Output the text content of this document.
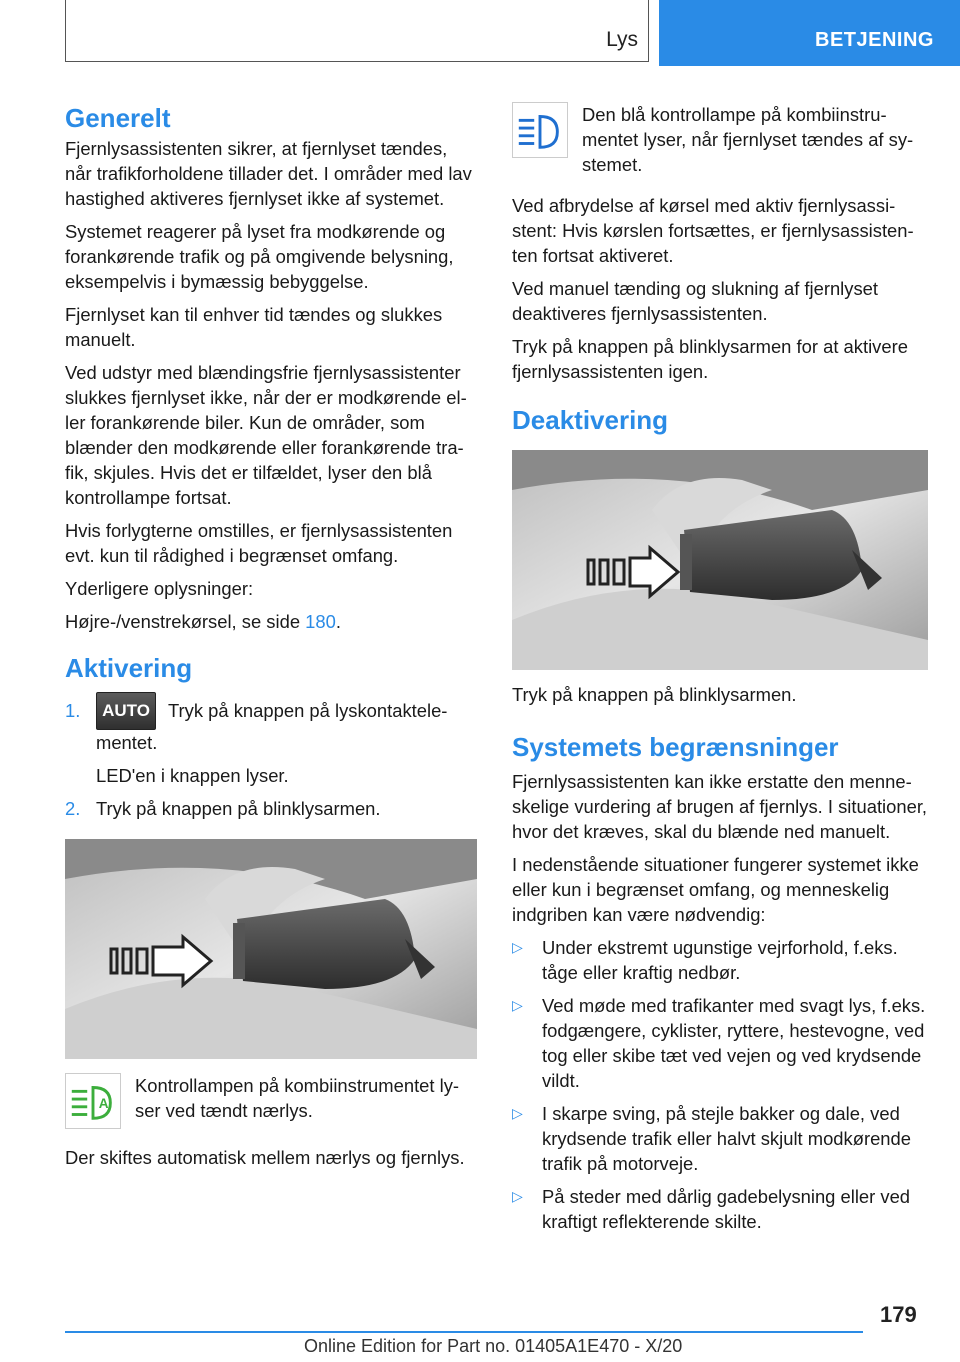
Lys	BETJENING
Generelt

Fjernlysassistenten sikrer, at fjernlyset tændes, når trafikforholdene tillader det. I områder med lav hastighed aktiveres fjernlyset ikke af systemet.

Systemet reagerer på lyset fra modkørende og forankørende trafik og på omgivende belysning, eksempelvis i bymæssig bebyggelse.

Fjernlyset kan til enhver tid tændes og slukkes manuelt.

Ved udstyr med blændingsfrie fjernlysassistenter slukkes fjernlyset ikke, når der er modkørende eller forankørende biler. Kun de områder, som blænder den modkørende eller forankørende trafik, skjules. Hvis det er tilfældet, lyser den blå kontrollampe fortsat.

Hvis forlygterne omstilles, er fjernlysassistenten evt. kun til rådighed i begrænset omfang.

Yderligere oplysninger:

Højre-/venstrekørsel, se side 180.

Aktivering
1. AUTO Tryk på knappen på lyskontaktelementet.
LED'en i knappen lyser.
2. Tryk på knappen på blinklysarmen.
A
Kontrollampen på kombiinstrumentet lyser ved tændt nærlys.

Der skiftes automatisk mellem nærlys og fjernlys.

Den blå kontrollampe på kombiinstrumentet lyser, når fjernlyset tændes af systemet.

Ved afbrydelse af kørsel med aktiv fjernlysassistent: Hvis kørslen fortsættes, er fjernlysassistenten fortsat aktiveret.

Ved manuel tænding og slukning af fjernlyset deaktiveres fjernlysassistenten.

Tryk på knappen på blinklysarmen for at aktivere fjernlysassistenten igen.

Deaktivering

Tryk på knappen på blinklysarmen.

Systemets begrænsninger

Fjernlysassistenten kan ikke erstatte den menneskelige vurdering af brugen af fjernlys. I situationer, hvor det kræves, skal du blænde ned manuelt.

I nedenstående situationer fungerer systemet ikke eller kun i begrænset omfang, og menneskelig indgriben kan være nødvendig:

▷ Under ekstremt ugunstige vejrforhold, f.eks. tåge eller kraftig nedbør.
▷ Ved møde med trafikanter med svagt lys, f.eks. fodgængere, cyklister, ryttere, hestevogne, ved tog eller skibe tæt ved vejen og ved krydsende vildt.
▷ I skarpe sving, på stejle bakker og dale, ved krydsende trafik eller halvt skjult modkørende trafik på motorveje.
▷ På steder med dårlig gadebelysning eller ved kraftigt reflekterende skilte.
179
Online Edition for Part no. 01405A1E470 - X/20
